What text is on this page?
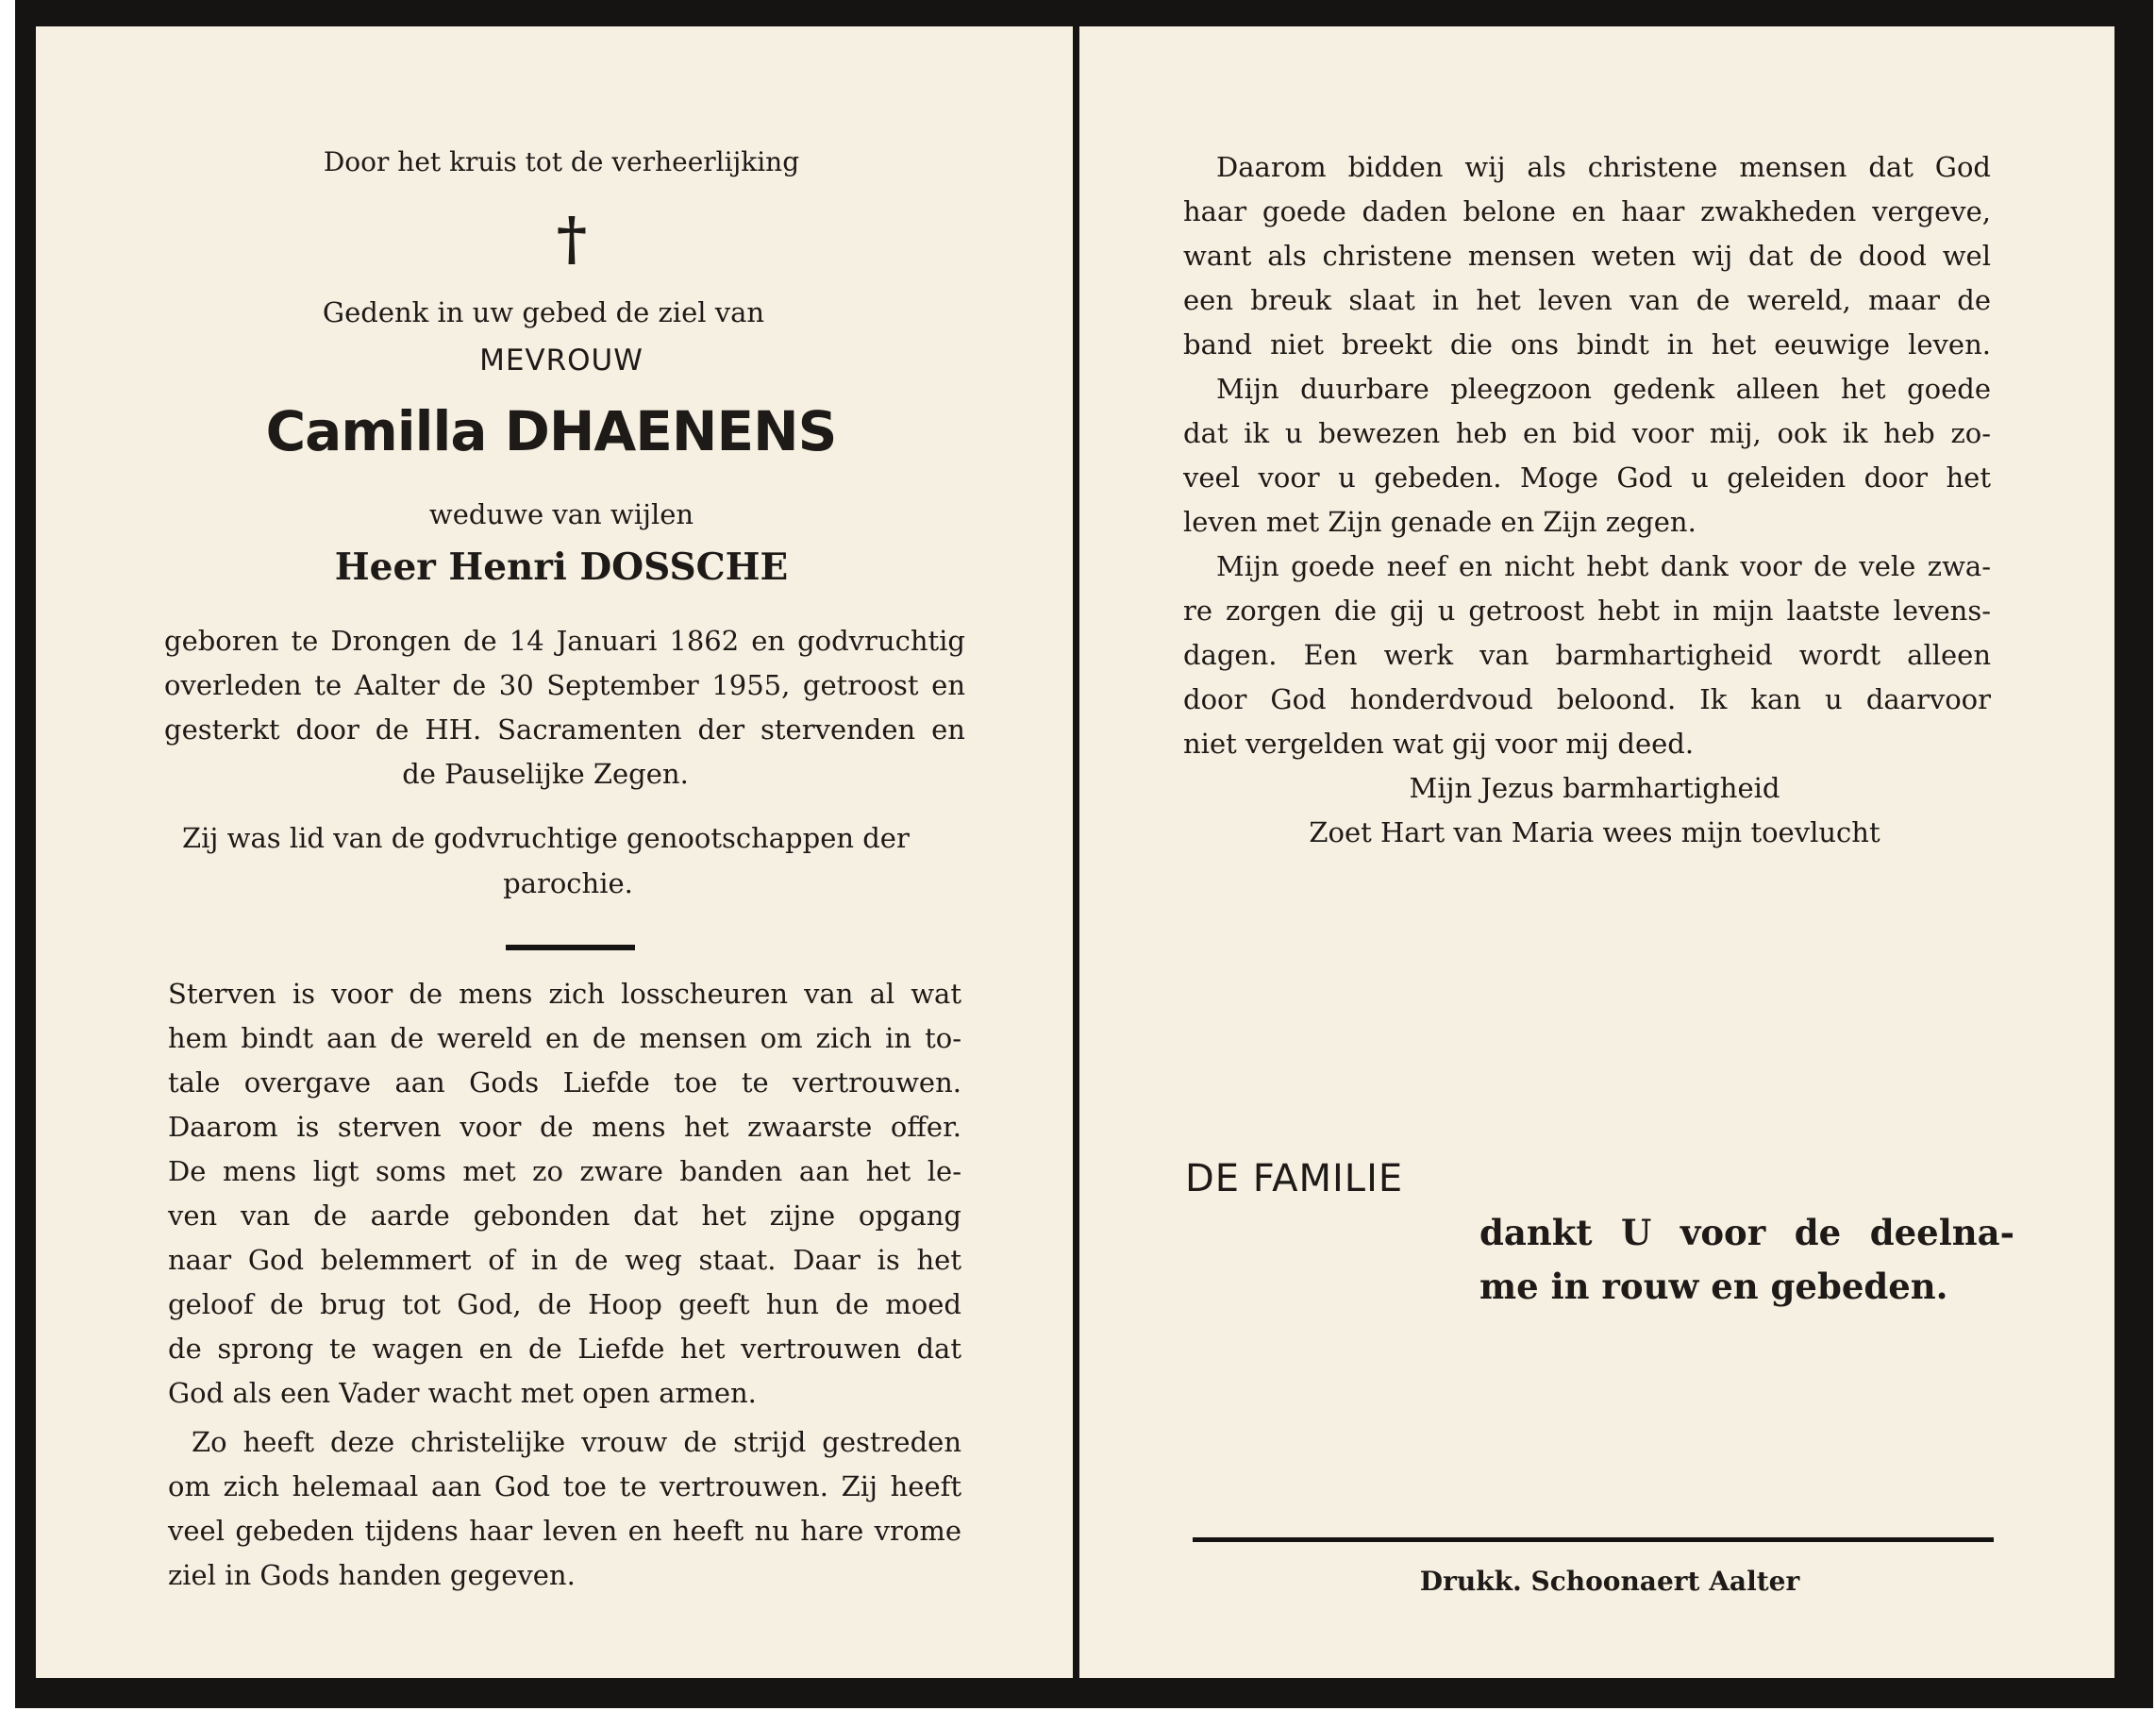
Door het kruis tot de verheerlijking
†
Gedenk in uw gebed de ziel van
MEVROUW
Camilla DHAENENS
weduwe van wijlen
Heer Henri DOSSCHE
geboren te Drongen de 14 Januari 1862 en godvruchtig
overleden te Aalter de 30 September 1955, getroost en
gesterkt door de HH. Sacramenten der stervenden en
de Pauselijke Zegen.
Zij was lid van de godvruchtige genootschappen der
parochie.
Sterven is voor de mens zich losscheuren van al wat
hem bindt aan de wereld en de mensen om zich in to-
tale overgave aan Gods Liefde toe te vertrouwen.
Daarom is sterven voor de mens het zwaarste offer.
De mens ligt soms met zo zware banden aan het le-
ven van de aarde gebonden dat het zijne opgang
naar God belemmert of in de weg staat. Daar is het
geloof de brug tot God, de Hoop geeft hun de moed
de sprong te wagen en de Liefde het vertrouwen dat
God als een Vader wacht met open armen.
Zo heeft deze christelijke vrouw de strijd gestreden
om zich helemaal aan God toe te vertrouwen. Zij heeft
veel gebeden tijdens haar leven en heeft nu hare vrome
ziel in Gods handen gegeven.
Daarom bidden wij als christene mensen dat God
haar goede daden belone en haar zwakheden vergeve,
want als christene mensen weten wij dat de dood wel
een breuk slaat in het leven van de wereld, maar de
band niet breekt die ons bindt in het eeuwige leven.
Mijn duurbare pleegzoon gedenk alleen het goede
dat ik u bewezen heb en bid voor mij, ook ik heb zo-
veel voor u gebeden. Moge God u geleiden door het
leven met Zijn genade en Zijn zegen.
Mijn goede neef en nicht hebt dank voor de vele zwa-
re zorgen die gij u getroost hebt in mijn laatste levens-
dagen. Een werk van barmhartigheid wordt alleen
door God honderdvoud beloond. Ik kan u daarvoor
niet vergelden wat gij voor mij deed.
Mijn Jezus barmhartigheid
Zoet Hart van Maria wees mijn toevlucht
DE FAMILIE
dankt U voor de deelna-
me in rouw en gebeden.
Drukk. Schoonaert Aalter
